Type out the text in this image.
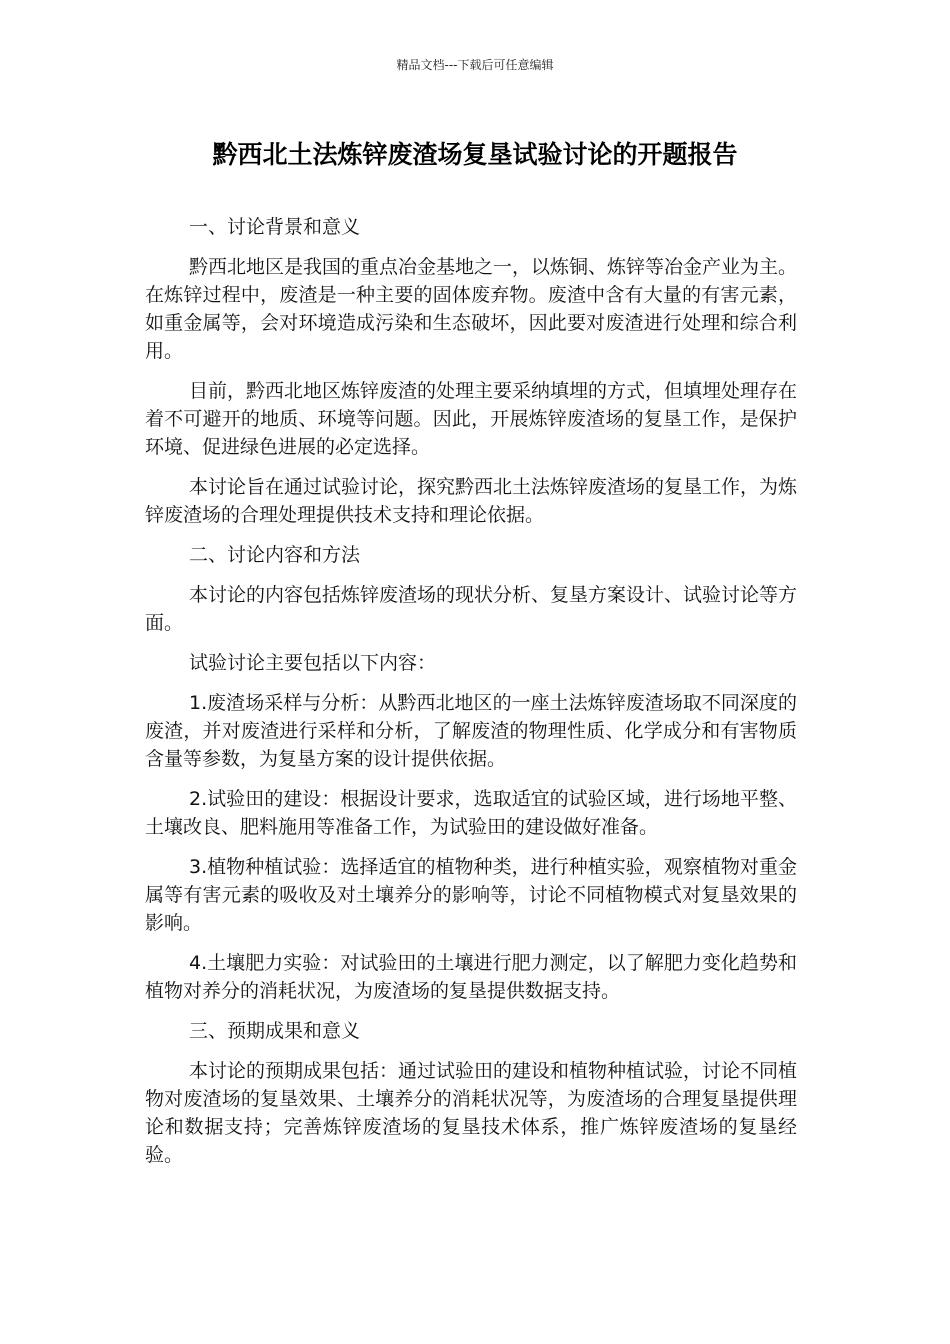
精品文档---下载后可任意编辑
黔西北土法炼锌废渣场复垦试验讨论的开题报告

一、讨论背景和意义

黔西北地区是我国的重点冶金基地之一，以炼铜、炼锌等冶金产业为主。在炼锌过程中，废渣是一种主要的固体废弃物。废渣中含有大量的有害元素，如重金属等，会对环境造成污染和生态破坏，因此要对废渣进行处理和综合利用。

目前，黔西北地区炼锌废渣的处理主要采纳填埋的方式，但填埋处理存在着不可避开的地质、环境等问题。因此，开展炼锌废渣场的复垦工作，是保护环境、促进绿色进展的必定选择。

本讨论旨在通过试验讨论，探究黔西北土法炼锌废渣场的复垦工作，为炼锌废渣场的合理处理提供技术支持和理论依据。

二、讨论内容和方法

本讨论的内容包括炼锌废渣场的现状分析、复垦方案设计、试验讨论等方面。

试验讨论主要包括以下内容：

1.废渣场采样与分析：从黔西北地区的一座土法炼锌废渣场取不同深度的废渣，并对废渣进行采样和分析，了解废渣的物理性质、化学成分和有害物质含量等参数，为复垦方案的设计提供依据。

2.试验田的建设：根据设计要求，选取适宜的试验区域，进行场地平整、土壤改良、肥料施用等准备工作，为试验田的建设做好准备。

3.植物种植试验：选择适宜的植物种类，进行种植实验，观察植物对重金属等有害元素的吸收及对土壤养分的影响等，讨论不同植物模式对复垦效果的影响。

4.土壤肥力实验：对试验田的土壤进行肥力测定，以了解肥力变化趋势和植物对养分的消耗状况，为废渣场的复垦提供数据支持。

三、预期成果和意义

本讨论的预期成果包括：通过试验田的建设和植物种植试验，讨论不同植物对废渣场的复垦效果、土壤养分的消耗状况等，为废渣场的合理复垦提供理论和数据支持；完善炼锌废渣场的复垦技术体系，推广炼锌废渣场的复垦经验。
